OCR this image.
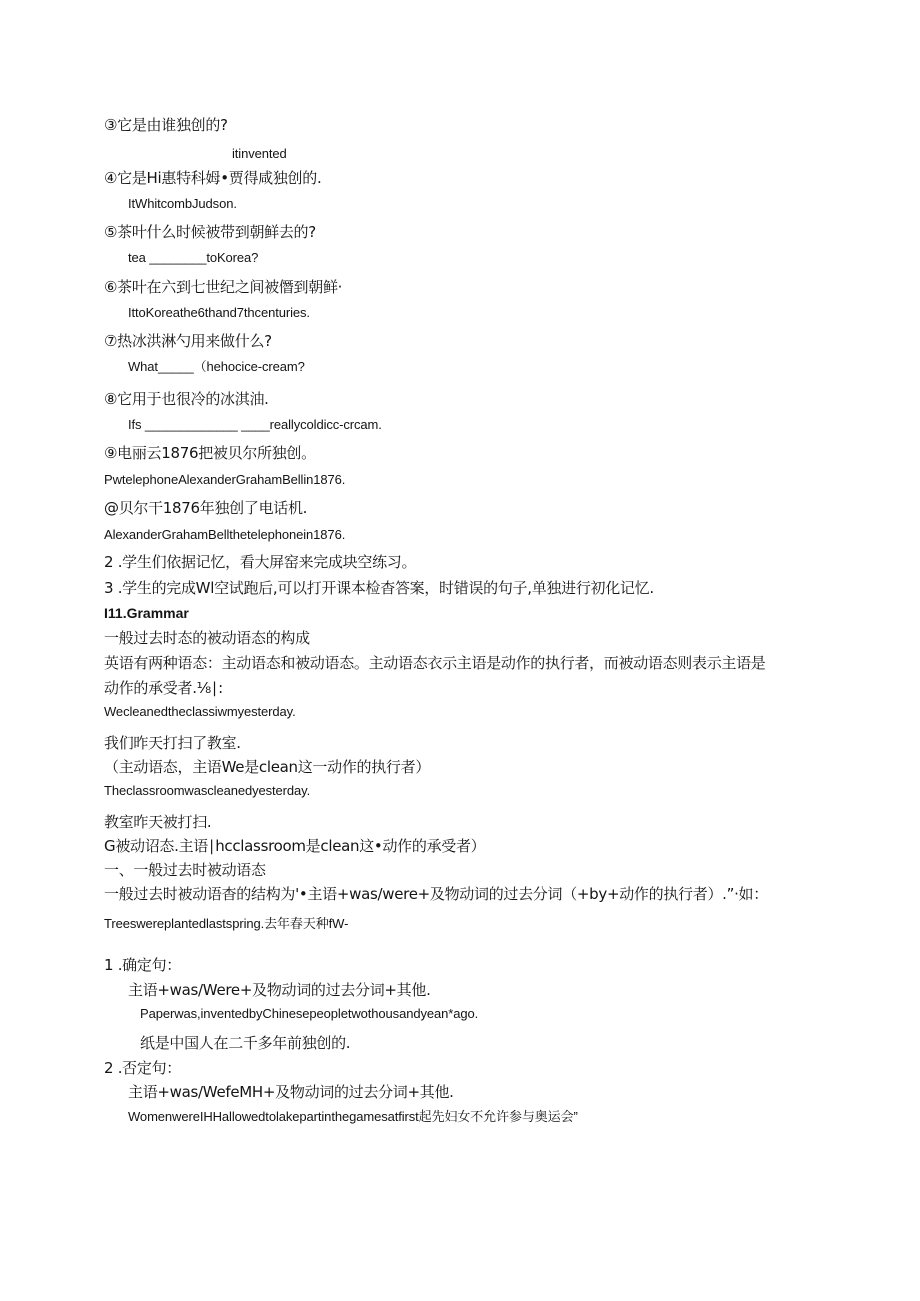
③它是由谁独创的?
itinvented
④它是Hi惠特科姆•贾得咸独创的.
ItWhitcombJudson.
⑤茶叶什么时候被带到朝鲜去的?
tea ________toKorea?
⑥茶叶在六到七世纪之间被僭到朝鲜·
IttoKoreathe6thand7thcenturies.
⑦热冰洪淋勺用来做什么?
What_____（hehocice-cream?
⑧它用于也很冷的冰淇油.
Ifs _____________ ____reallycoldicc-crcam.
⑨电丽云1876把被贝尔所独创。
PwtelephoneAlexanderGrahamBellin1876.
@贝尔干1876年独创了电话机.
AlexanderGrahamBellthetelephonein1876.
2 .学生们依据记忆，看大屏窑来完成块空练习。
3 .学生的完成Wl空试跑后,可以打开课本检杳答案，时错误的句子,单独进行初化记忆.
I11.Grammar
一般过去时态的被动语态的构成
英语有两种语态：主动语态和被动语态。主动语态衣示主语是动作的执行者，而被动语态则表示主语是
动作的承受者.⅛∣:
Wecleanedtheclassiwmyesterday.
我们昨天打扫了教室.
（主动语态，主语We是clean这一动作的执行者）
Theclassroomwascleanedyesterday.
教室昨天被打扫.
G被动诏态.主语∣hcclassroom是clean这•动作的承受者）
一、一般过去时被动语态
一般过去时被动语杳的结构为'•主语+was/were+及物动词的过去分词（+by+动作的执行者）.”·如：
Treeswereplantedlastspring.去年春天种fW-
1 .确定句：
主语+was/Were+及物动词的过去分词+其他.
Paperwas,inventedbyChinesepeopletwothousandyean*ago.
纸是中国人在二千多年前独创的.
2 .否定句：
主语+was/WefeMH+及物动词的过去分词+其他.
WomenwereIHHallowedtolakepartinthegamesatfirst起先妇女不允许参与奥运会”
